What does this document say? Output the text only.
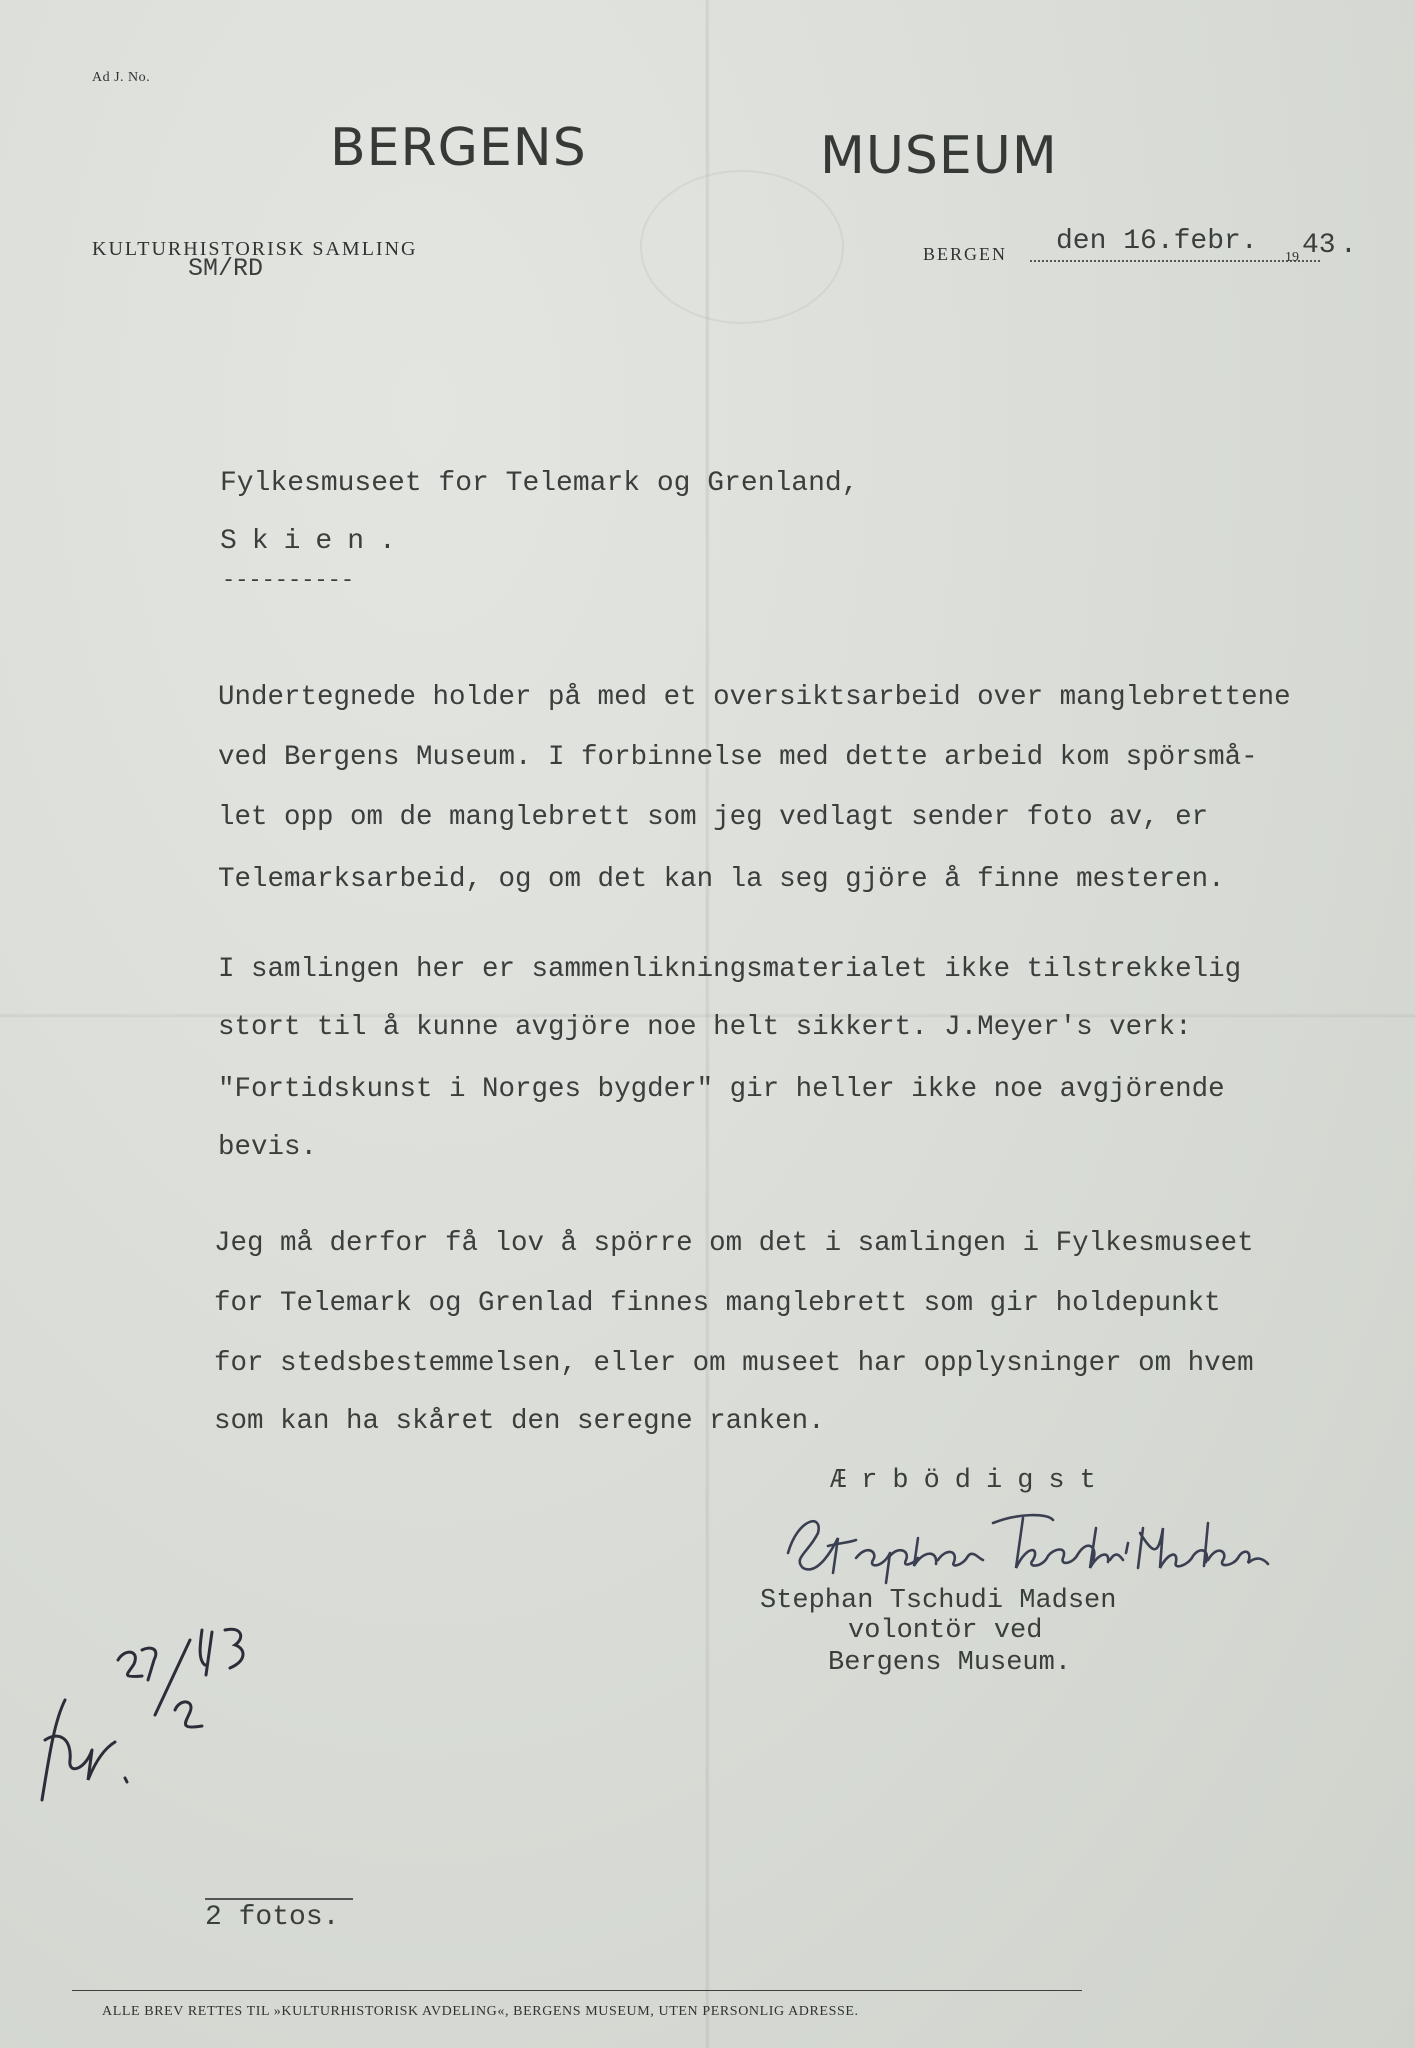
Ad J. No.
BERGENS	MUSEUM
KULTURHISTORISK SAMLING
SM/RD	BERGEN den 16.febr.
19 43 .
Fylkesmuseet for Telemark og Grenland,
Skien.
----------
Undertegnede holder på med et oversiktsarbeid over manglebrettene
ved Bergens Museum. I forbinnelse med dette arbeid kom spörsmå-
let opp om de manglebrett som jeg vedlagt sender foto av, er
Telemarksarbeid, og om det kan la seg gjöre å finne mesteren.
I samlingen her er sammenlikningsmaterialet ikke tilstrekkelig
stort til å kunne avgjöre noe helt sikkert. J.Meyer's verk:
"Fortidskunst i Norges bygder" gir heller ikke noe avgjörende
bevis.
Jeg må derfor få lov å spörre om det i samlingen i Fylkesmuseet
for Telemark og Grenlad finnes manglebrett som gir holdepunkt
for stedsbestemmelsen, eller om museet har opplysninger om hvem
som kan ha skåret den seregne ranken.
Ærbödigst
Stephan Tschudi Madsen
volontör ved
Bergens Museum.
2 fotos.
ALLE BREV RETTES TIL »KULTURHISTORISK AVDELING«, BERGENS MUSEUM, UTEN PERSONLIG ADRESSE.
